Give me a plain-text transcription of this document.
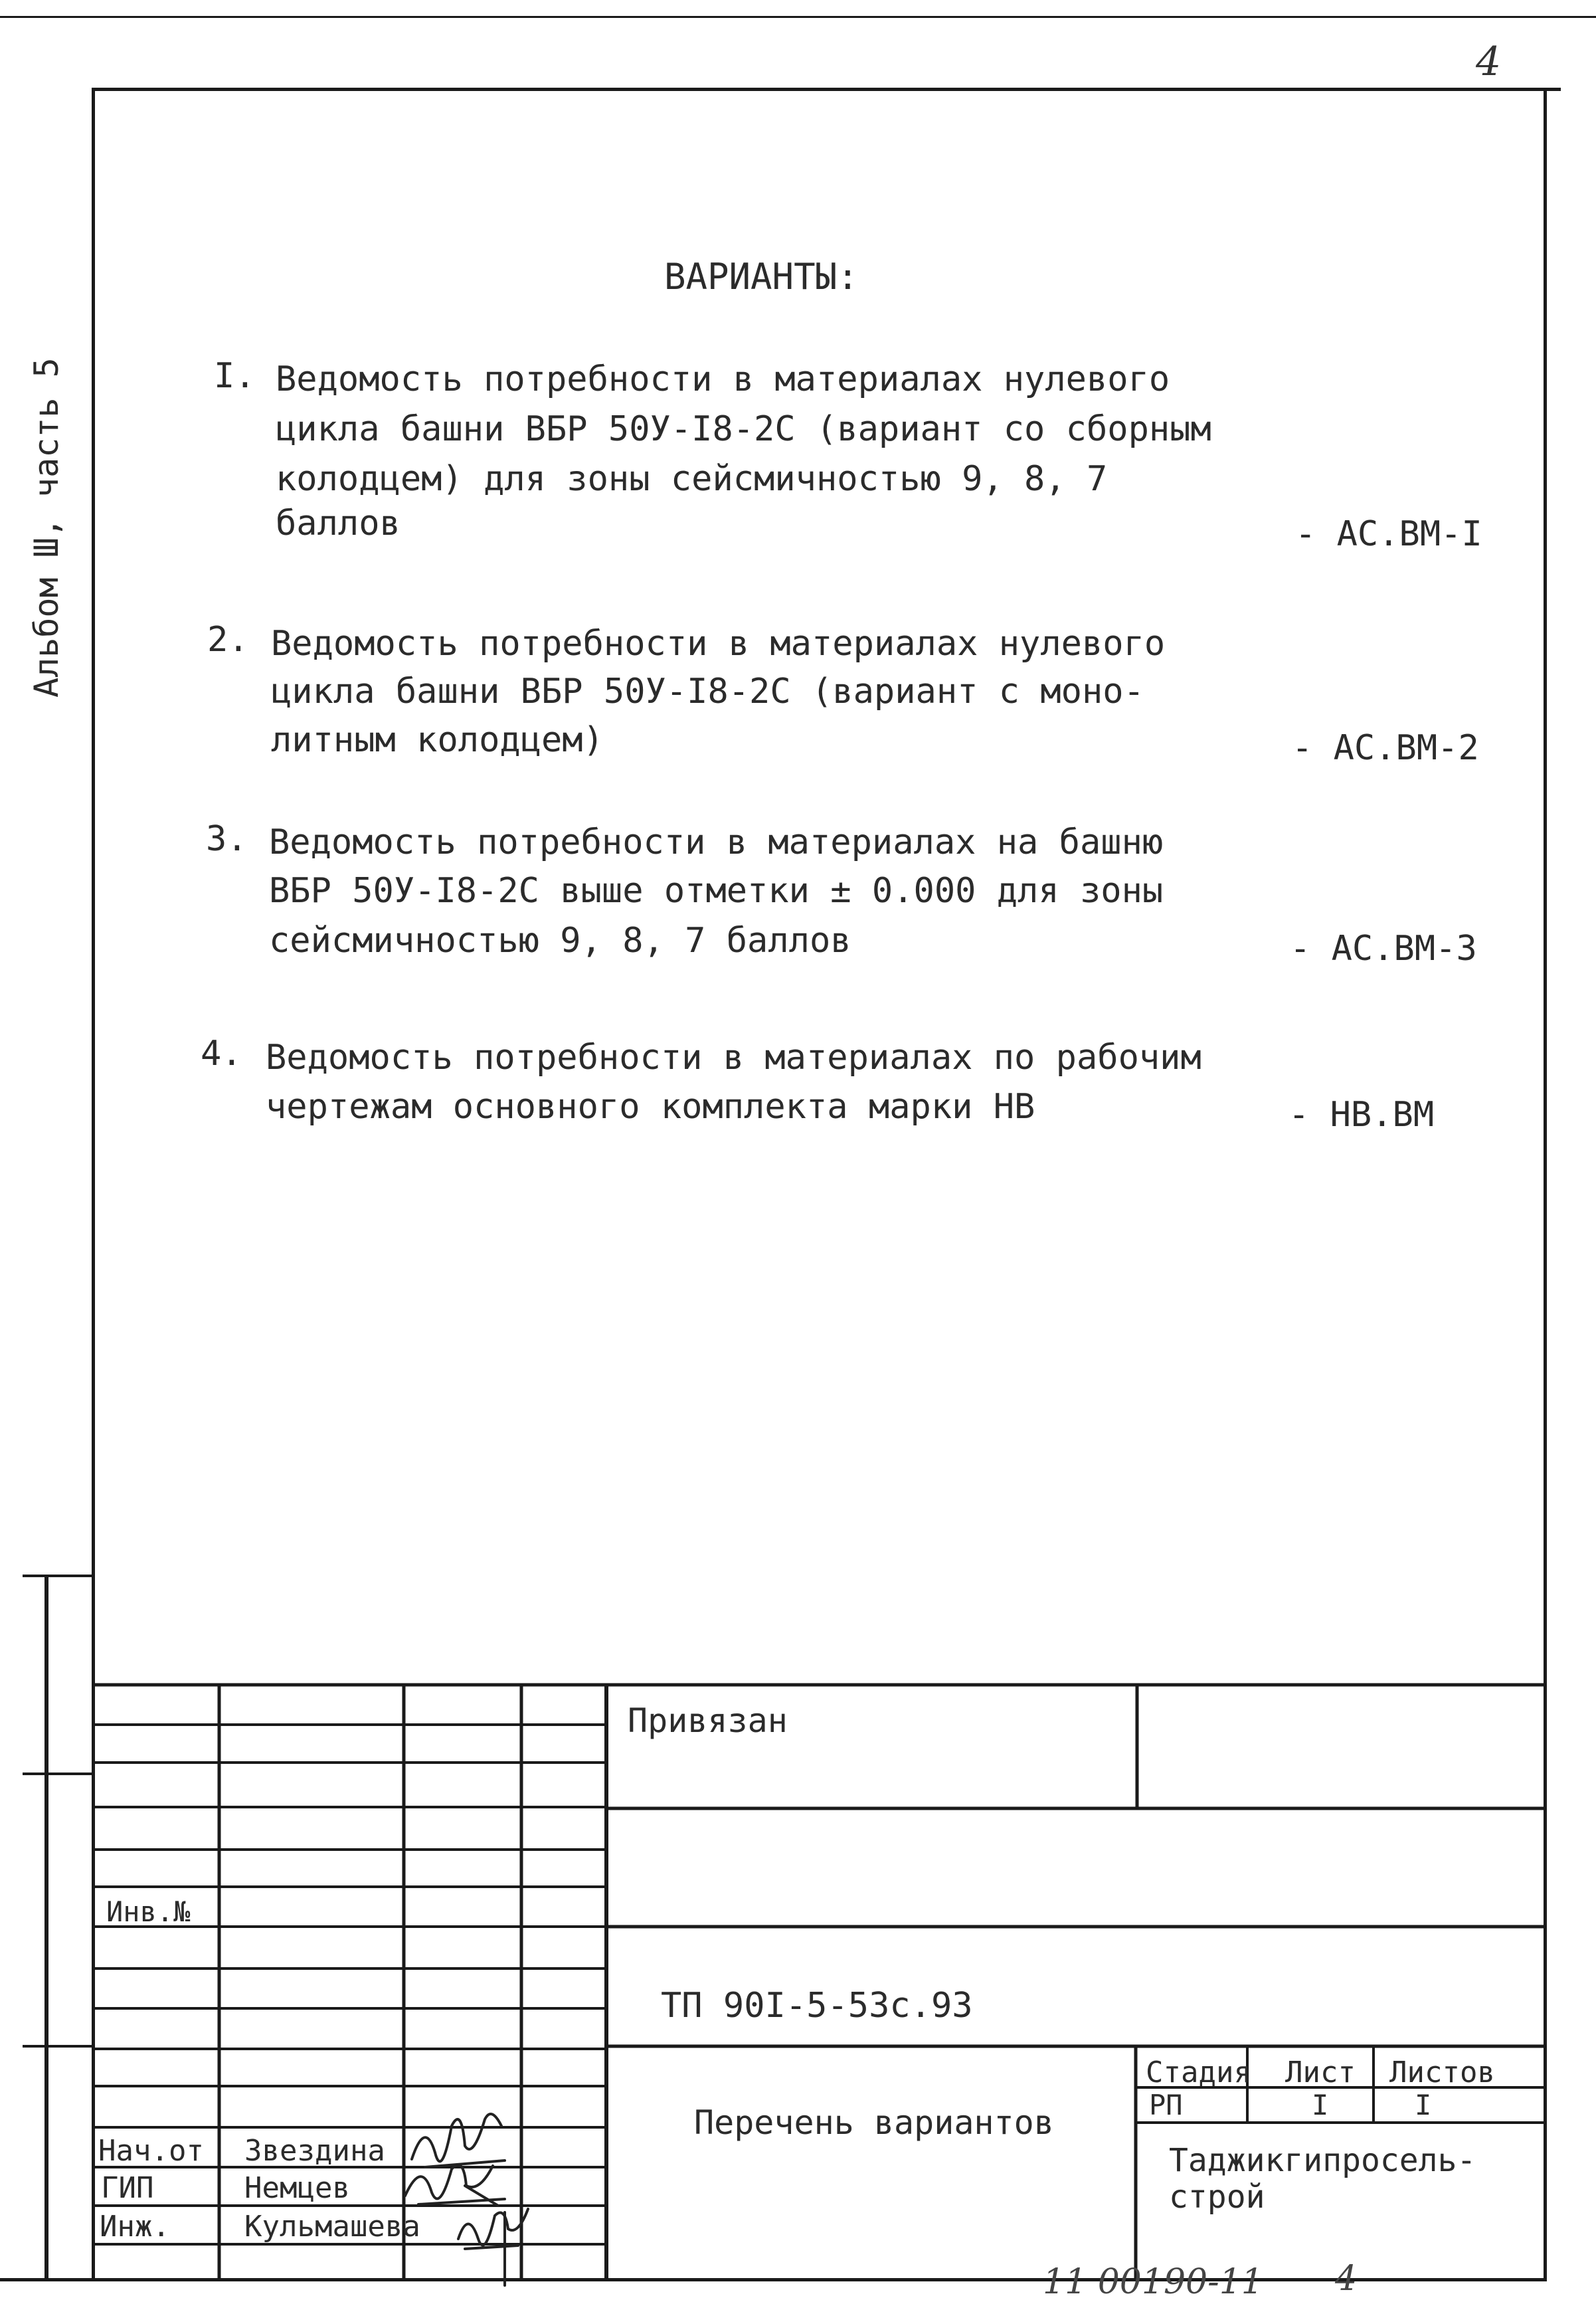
4
Альбом Ш, часть 5
ВАРИАНТЫ:
I. Ведомость потребности в материалах нулевого
цикла башни ВБР 50У-I8-2С (вариант со сборным
колодцем) для зоны сейсмичностью 9, 8, 7
баллов	- АС.ВМ-I
2. Ведомость потребности в материалах нулевого
цикла башни ВБР 50У-I8-2С (вариант с моно-
литным колодцем)	- АС.ВМ-2
3. Ведомость потребности в материалах на башню
ВБР 50У-I8-2С выше отметки ± 0.000 для зоны
сейсмичностью 9, 8, 7 баллов	- АС.ВМ-3
4. Ведомость потребности в материалах по рабочим
чертежам основного комплекта марки НВ	- НВ.ВМ
Привязан
Инв.№
ТП 90I-5-53с.93
Перечень вариантов
Стадия Лист Листов
РП	I	I
Таджикгипросель-
строй
Нач.от Звездина
ГИП	Немцев
Инж.	Кульмашева
11 00190-11 4
